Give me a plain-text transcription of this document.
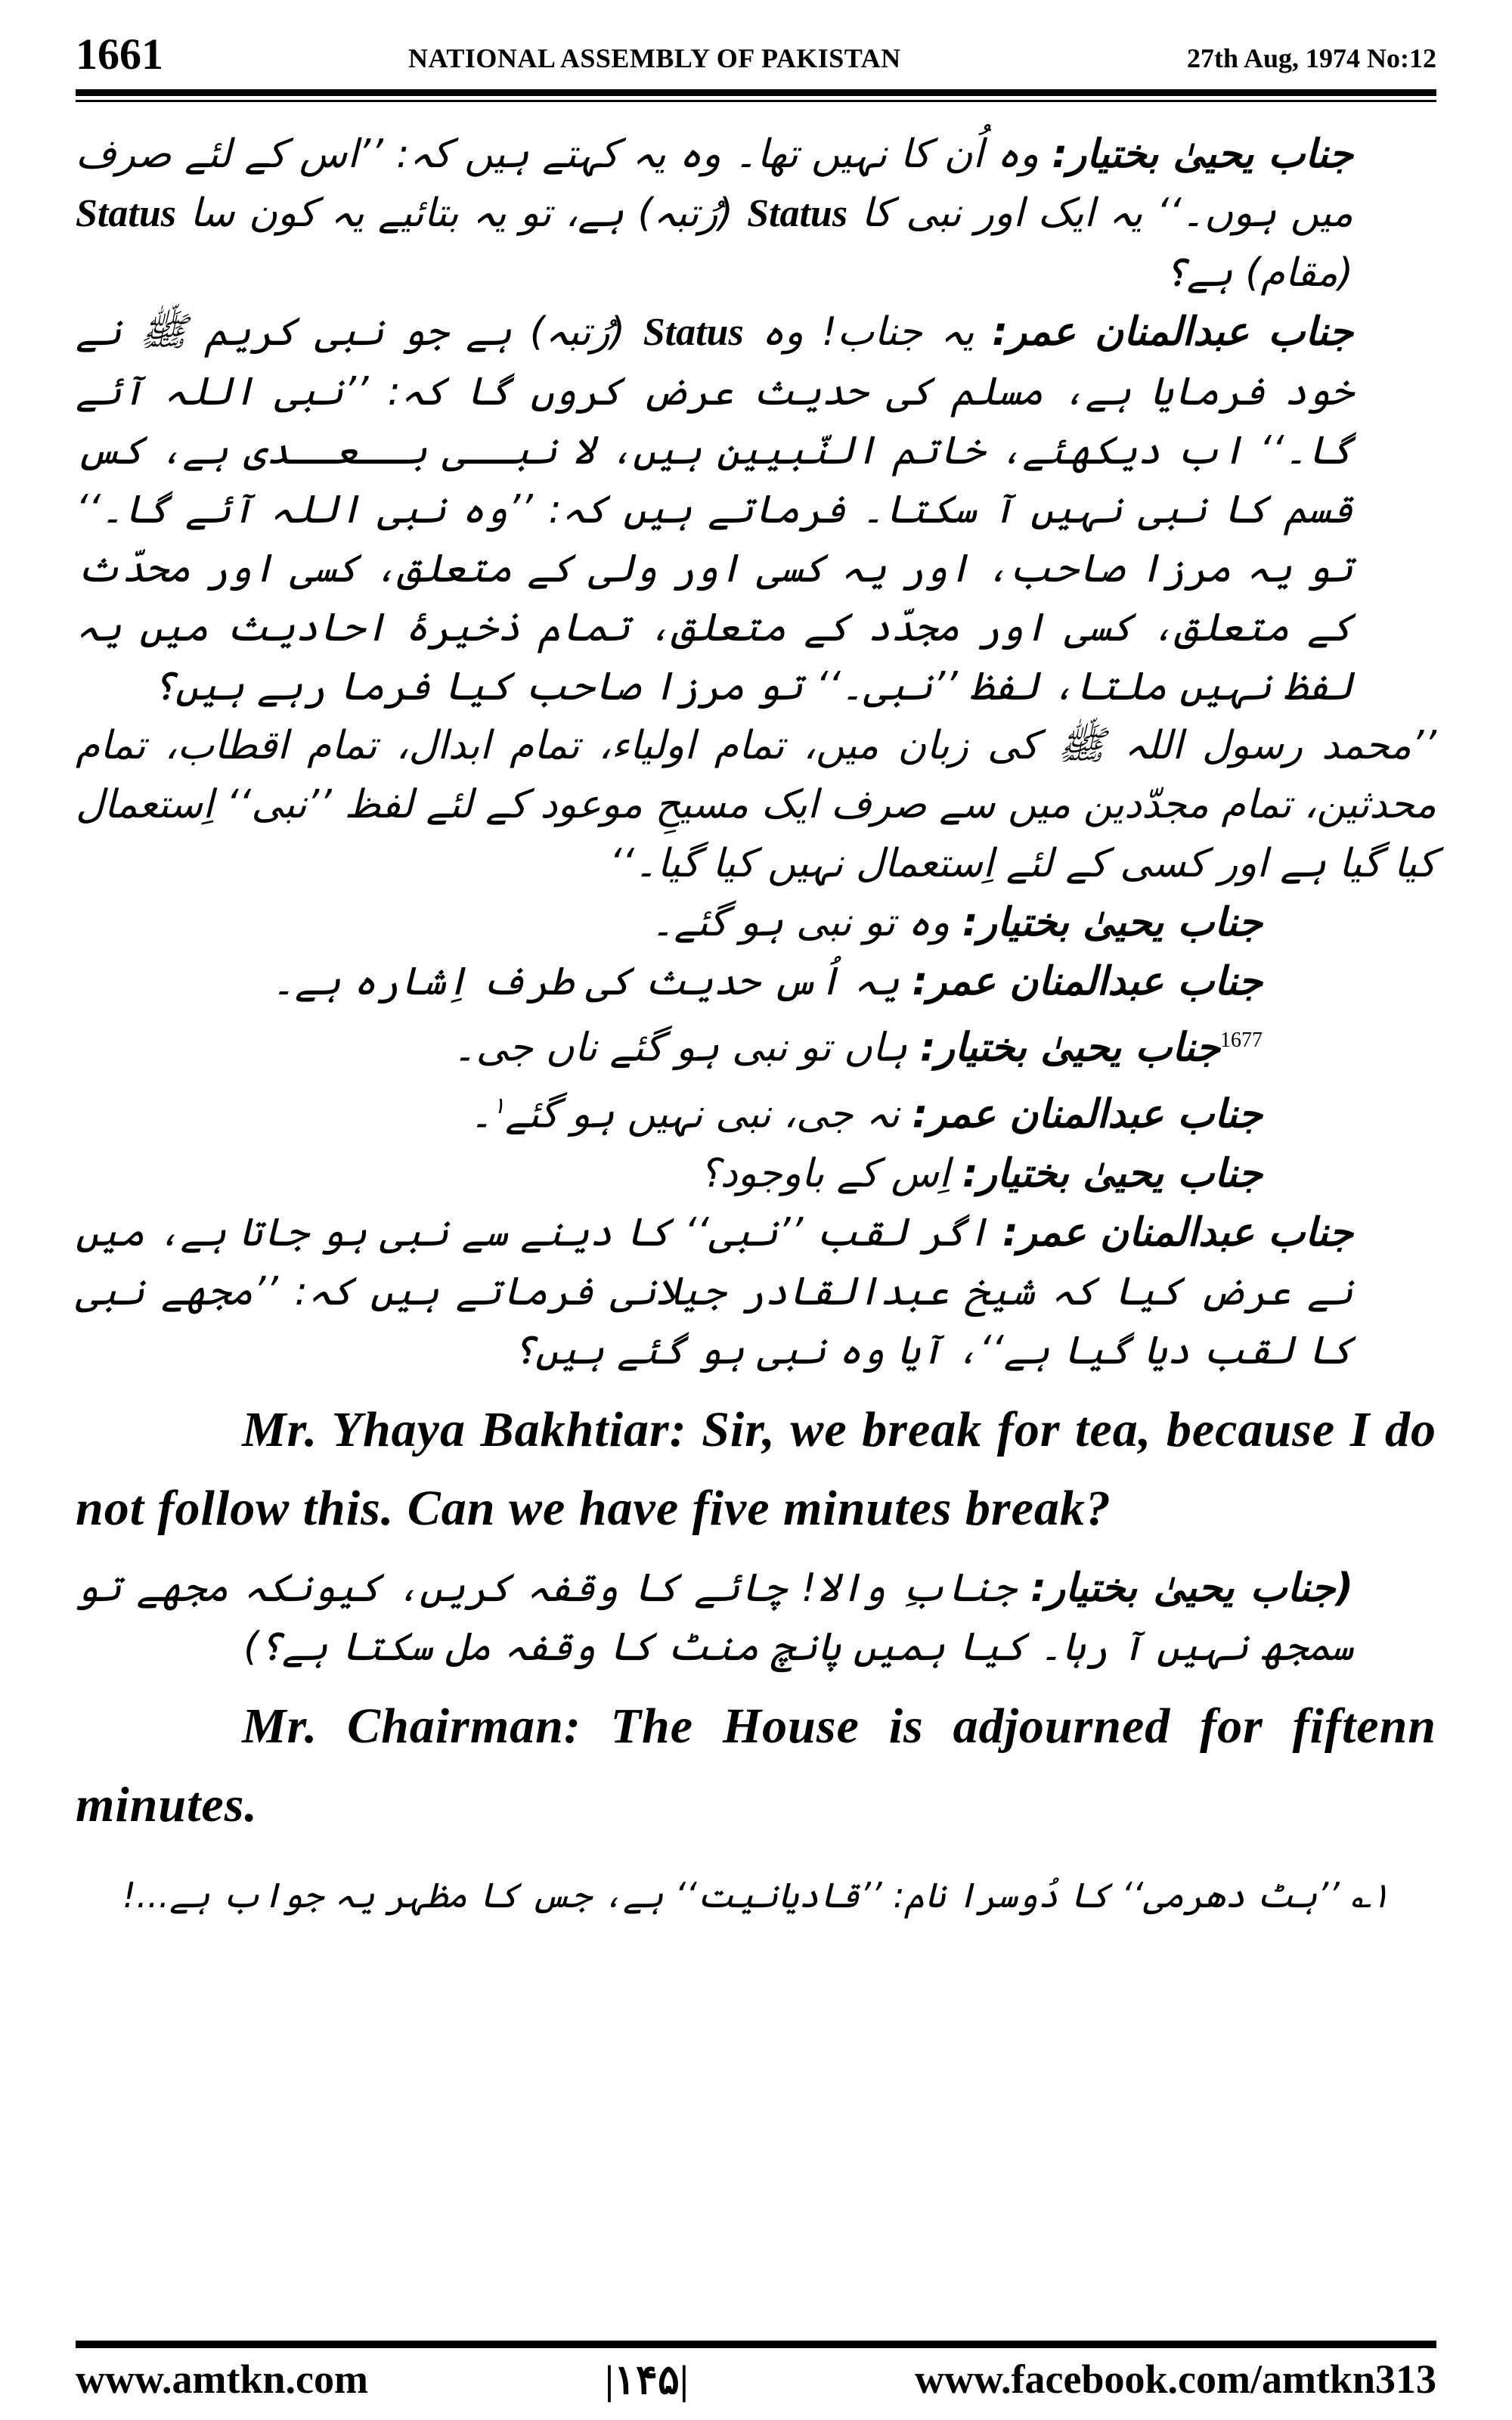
1661	NATIONAL ASSEMBLY OF PAKISTAN	27th Aug, 1974 No:12

جناب یحییٰ بختیار: وہ اُن کا نہیں تھا۔ وہ یہ کہتے ہیں کہ: ’’اس کے لئے صرف میں ہوں۔‘‘ یہ ایک اور نبی کا Status (رُتبہ) ہے، تو یہ بتائیے یہ کون سا Status (مقام) ہے؟

جناب عبدالمنان عمر: یہ جناب! وہ Status (رُتبہ) ہے جو نبی کریم ﷺ نے خود فرمایا ہے، مسلم کی حدیث عرض کروں گا کہ: ’’نبی اللہ آئے گا۔‘‘ اب دیکھئے، خاتم النّبیین ہیں، لا نبــی بــعــدی ہے، کس قسم کا نبی نہیں آ سکتا۔ فرماتے ہیں کہ: ’’وہ نبی اللہ آئے گا۔‘‘ تو یہ مرزا صاحب، اور یہ کسی اور ولی کے متعلق، کسی اور محدّث کے متعلق، کسی اور مجدّد کے متعلق، تمام ذخیرۂ احادیث میں یہ لفظ نہیں ملتا، لفظ ’’نبی۔‘‘ تو مرزا صاحب کیا فرما رہے ہیں؟

’’محمد رسول اللہ ﷺ کی زبان میں، تمام اولیاء، تمام ابدال، تمام اقطاب، تمام محدثین، تمام مجدّدین میں سے صرف ایک مسیحِ موعود کے لئے لفظ ’’نبی‘‘ اِستعمال کیا گیا ہے اور کسی کے لئے اِستعمال نہیں کیا گیا۔‘‘

جناب یحییٰ بختیار: وہ تو نبی ہو گئے۔

جناب عبدالمنان عمر: یہ اُس حدیث کی طرف اِشارہ ہے۔

$^{1677}$جناب یحییٰ بختیار: ہاں تو نبی ہو گئے ناں جی۔

جناب عبدالمنان عمر: نہ جی، نبی نہیں ہو گئے$^۱$۔

جناب یحییٰ بختیار: اِس کے باوجود؟

جناب عبدالمنان عمر: اگر لقب ’’نبی‘‘ کا دینے سے نبی ہو جاتا ہے، میں نے عرض کیا کہ شیخ عبدالقادر جیلانی فرماتے ہیں کہ: ’’مجھے نبی کا لقب دیا گیا ہے‘‘، آیا وہ نبی ہو گئے ہیں؟

Mr. Yhaya Bakhtiar: Sir, we break for tea, because I do not follow this. Can we have five minutes break?

(جناب یحییٰ بختیار: جنابِ والا! چائے کا وقفہ کریں، کیونکہ مجھے تو سمجھ نہیں آ رہا۔ کیا ہمیں پانچ منٹ کا وقفہ مل سکتا ہے؟)

Mr. Chairman: The House is adjourned for fiftenn minutes.

۱؎ ’’ہٹ دھرمی‘‘ کا دُوسرا نام: ’’قادیانیت‘‘ ہے، جس کا مظہر یہ جواب ہے...!

www.amtkn.com	|۱۴۵|	www.facebook.com/amtkn313
